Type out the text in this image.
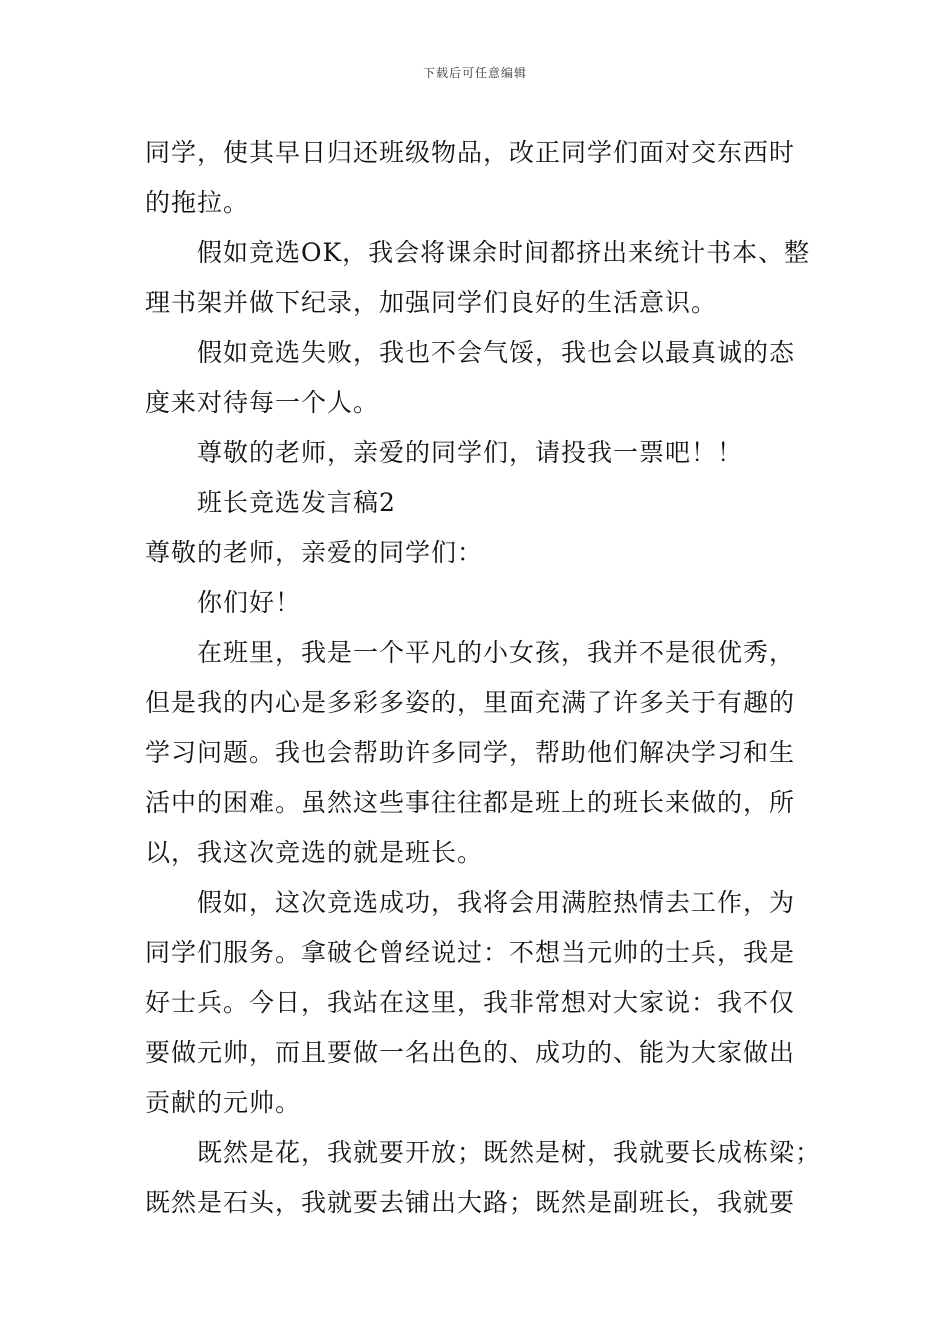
下载后可任意编辑
同学，使其早日归还班级物品，改正同学们面对交东西时
的拖拉。
假如竞选OK，我会将课余时间都挤出来统计书本、整
理书架并做下纪录，加强同学们良好的生活意识。
假如竞选失败，我也不会气馁，我也会以最真诚的态
度来对待每一个人。
尊敬的老师，亲爱的同学们，请投我一票吧！！
班长竞选发言稿2
尊敬的老师，亲爱的同学们：
你们好！
在班里，我是一个平凡的小女孩，我并不是很优秀，
但是我的内心是多彩多姿的，里面充满了许多关于有趣的
学习问题。我也会帮助许多同学，帮助他们解决学习和生
活中的困难。虽然这些事往往都是班上的班长来做的，所
以，我这次竞选的就是班长。
假如，这次竞选成功，我将会用满腔热情去工作，为
同学们服务。拿破仑曾经说过：不想当元帅的士兵，我是
好士兵。今日，我站在这里，我非常想对大家说：我不仅
要做元帅，而且要做一名出色的、成功的、能为大家做出
贡献的元帅。
既然是花，我就要开放；既然是树，我就要长成栋梁；
既然是石头，我就要去铺出大路；既然是副班长，我就要
